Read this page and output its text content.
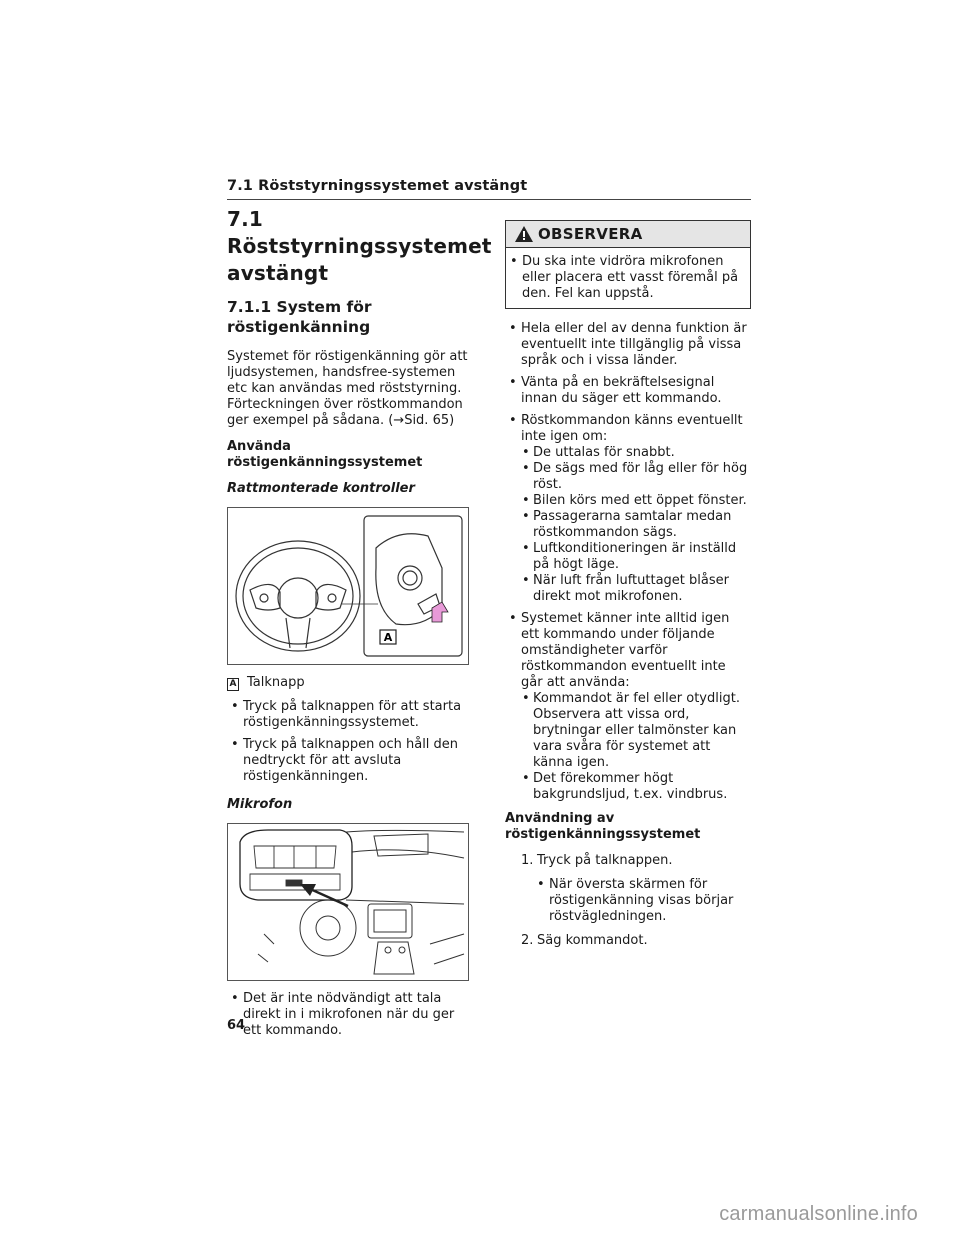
7.1 Röststyrningssystemet avstängt
7.1 Röststyrningssystemet avstängt
7.1.1 System för röstigenkänning

Systemet för röstigenkänning gör att ljudsystemen, handsfree-systemen etc kan användas med röststyrning. Förteckningen över röstkommandon ger exempel på sådana. (→Sid. 65)

Använda röstigenkänningssystemet
Rattmonterade kontroller
A
A Talknapp
• Tryck på talknappen för att starta röstigenkänningssystemet.
• Tryck på talknappen och håll den nedtryckt för att avsluta röstigenkänningen.
Mikrofon
• Det är inte nödvändigt att tala direkt in i mikrofonen när du ger ett kommando.
OBSERVERA
• Du ska inte vidröra mikrofonen eller placera ett vasst föremål på den. Fel kan uppstå.
• Hela eller del av denna funktion är eventuellt inte tillgänglig på vissa språk och i vissa länder.
• Vänta på en bekräftelsesignal innan du säger ett kommando.
• Röstkommandon känns eventuellt inte igen om:
• De uttalas för snabbt.
• De sägs med för låg eller för hög röst.
• Bilen körs med ett öppet fönster.
• Passagerarna samtalar medan röstkommandon sägs.
• Luftkonditioneringen är inställd på högt läge.
• När luft från luftuttaget blåser direkt mot mikrofonen.
• Systemet känner inte alltid igen ett kommando under följande omständigheter varför röstkommandon eventuellt inte går att använda:
• Kommandot är fel eller otydligt. Observera att vissa ord, brytningar eller talmönster kan vara svåra för systemet att känna igen.
• Det förekommer högt bakgrundsljud, t.ex. vindbrus.
Användning av röstigenkänningssystemet
1. Tryck på talknappen.
• När översta skärmen för röstigenkänning visas börjar röstvägledningen.
2. Säg kommandot.
64
carmanualsonline.info
